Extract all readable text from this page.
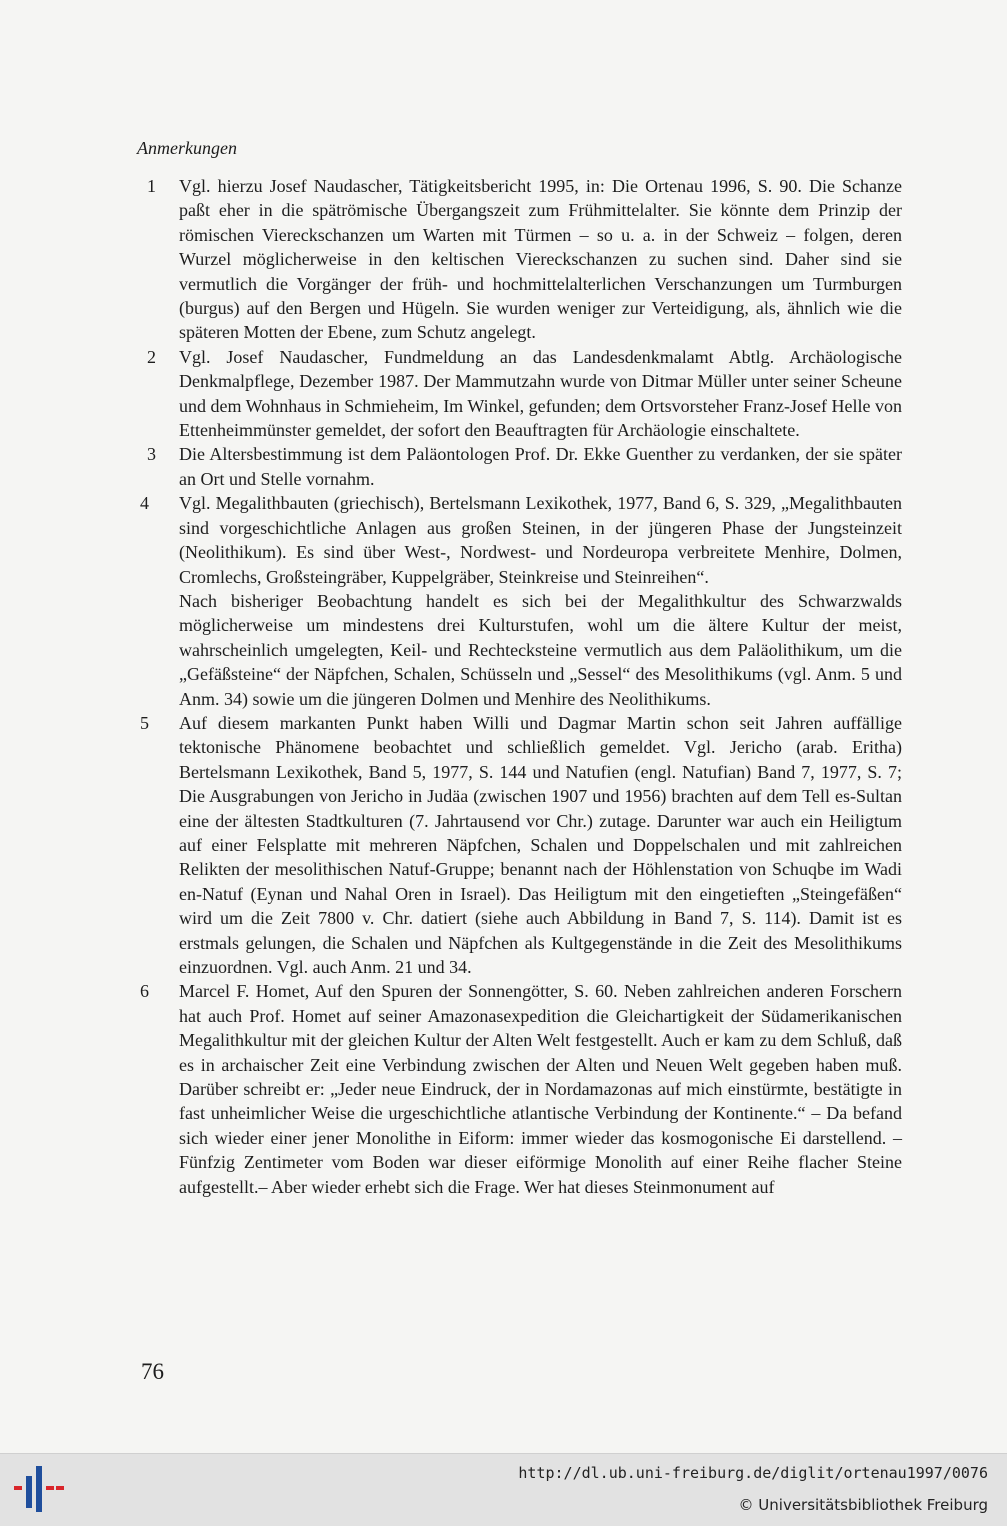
Anmerkungen
1 Vgl. hierzu Josef Naudascher, Tätigkeitsbericht 1995, in: Die Ortenau 1996, S. 90. Die Schanze paßt eher in die spätrömische Übergangszeit zum Frühmittelalter. Sie könnte dem Prinzip der römischen Viereckschanzen um Warten mit Türmen – so u. a. in der Schweiz – folgen, deren Wurzel möglicherweise in den keltischen Viereckschanzen zu suchen sind. Daher sind sie vermutlich die Vorgänger der früh- und hochmittelalterlichen Verschanzungen um Turmburgen (burgus) auf den Bergen und Hügeln. Sie wurden weniger zur Verteidigung, als, ähnlich wie die späteren Motten der Ebene, zum Schutz angelegt.

2 Vgl. Josef Naudascher, Fundmeldung an das Landesdenkmalamt Abtlg. Archäologische Denkmalpflege, Dezember 1987. Der Mammutzahn wurde von Ditmar Müller unter seiner Scheune und dem Wohnhaus in Schmieheim, Im Winkel, gefunden; dem Ortsvorsteher Franz-Josef Helle von Ettenheimmünster gemeldet, der sofort den Beauftragten für Archäologie einschaltete.

3 Die Altersbestimmung ist dem Paläontologen Prof. Dr. Ekke Guenther zu verdanken, der sie später an Ort und Stelle vornahm.

4 Vgl. Megalithbauten (griechisch), Bertelsmann Lexikothek, 1977, Band 6, S. 329, „Megalithbauten sind vorgeschichtliche Anlagen aus großen Steinen, in der jüngeren Phase der Jungsteinzeit (Neolithikum). Es sind über West-, Nordwest- und Nordeuropa verbreitete Menhire, Dolmen, Cromlechs, Großsteingräber, Kuppelgräber, Steinkreise und Steinreihen“.

Nach bisheriger Beobachtung handelt es sich bei der Megalithkultur des Schwarzwalds möglicherweise um mindestens drei Kulturstufen, wohl um die ältere Kultur der meist, wahrscheinlich umgelegten, Keil- und Rechtecksteine vermutlich aus dem Paläolithikum, um die „Gefäßsteine“ der Näpfchen, Schalen, Schüsseln und „Sessel“ des Mesolithikums (vgl. Anm. 5 und Anm. 34) sowie um die jüngeren Dolmen und Menhire des Neolithikums.

5 Auf diesem markanten Punkt haben Willi und Dagmar Martin schon seit Jahren auffällige tektonische Phänomene beobachtet und schließlich gemeldet. Vgl. Jericho (arab. Eritha) Bertelsmann Lexikothek, Band 5, 1977, S. 144 und Natufien (engl. Natufian) Band 7, 1977, S. 7; Die Ausgrabungen von Jericho in Judäa (zwischen 1907 und 1956) brachten auf dem Tell es-Sultan eine der ältesten Stadtkulturen (7. Jahrtausend vor Chr.) zutage. Darunter war auch ein Heiligtum auf einer Felsplatte mit mehreren Näpfchen, Schalen und Doppelschalen und mit zahlreichen Relikten der mesolithischen Natuf-Gruppe; benannt nach der Höhlenstation von Schuqbe im Wadi en-Natuf (Eynan und Nahal Oren in Israel). Das Heiligtum mit den eingetieften „Steingefäßen“ wird um die Zeit 7800 v. Chr. datiert (siehe auch Abbildung in Band 7, S. 114). Damit ist es erstmals gelungen, die Schalen und Näpfchen als Kultgegenstände in die Zeit des Mesolithikums einzuordnen. Vgl. auch Anm. 21 und 34.

6 Marcel F. Homet, Auf den Spuren der Sonnengötter, S. 60. Neben zahlreichen anderen Forschern hat auch Prof. Homet auf seiner Amazonasexpedition die Gleichartigkeit der Südamerikanischen Megalithkultur mit der gleichen Kultur der Alten Welt festgestellt. Auch er kam zu dem Schluß, daß es in archaischer Zeit eine Verbindung zwischen der Alten und Neuen Welt gegeben haben muß. Darüber schreibt er: „Jeder neue Eindruck, der in Nordamazonas auf mich einstürmte, bestätigte in fast unheimlicher Weise die urgeschichtliche atlantische Verbindung der Kontinente.“ – Da befand sich wieder einer jener Monolithe in Eiform: immer wieder das kosmogonische Ei darstellend. – Fünfzig Zentimeter vom Boden war dieser eiförmige Monolith auf einer Reihe flacher Steine aufgestellt.– Aber wieder erhebt sich die Frage. Wer hat dieses Steinmonument auf

76
http://dl.ub.uni-freiburg.de/diglit/ortenau1997/0076
© Universitätsbibliothek Freiburg
